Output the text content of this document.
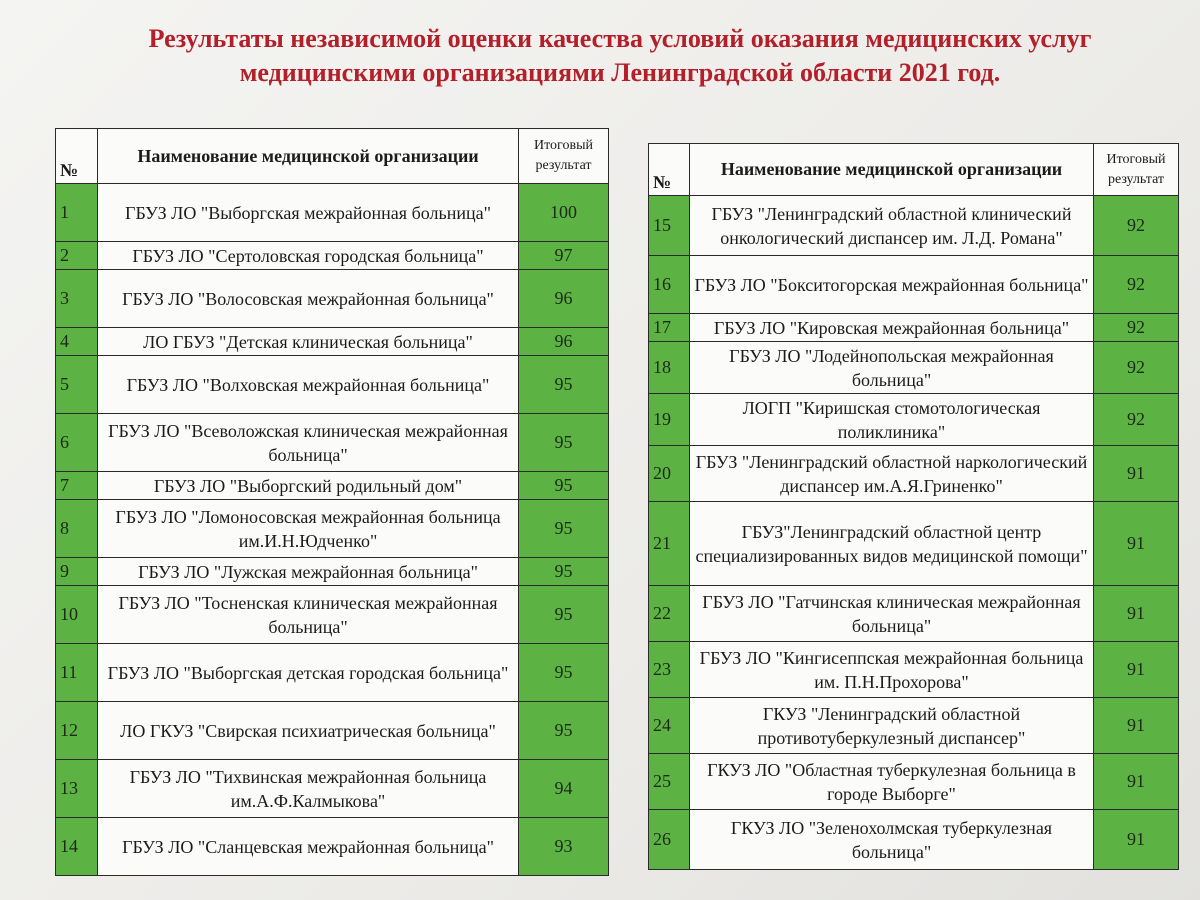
Результаты независимой оценки качества условий оказания медицинских услуг
медицинскими организациями Ленинградской области 2021 год.
№	Наименование медицинской организации	Итоговый
результат

1	ГБУЗ ЛО "Выборгская межрайонная больница"	100
2	ГБУЗ ЛО "Сертоловская городская больница"	97
3	ГБУЗ ЛО "Волосовская межрайонная больница"	96
4	ЛО ГБУЗ "Детская клиническая больница"	96
5	ГБУЗ ЛО "Волховская межрайонная больница"	95
6	ГБУЗ ЛО "Всеволожская клиническая межрайонная больница"	95
7	ГБУЗ ЛО "Выборгский родильный дом"	95
8	ГБУЗ ЛО "Ломоносовская межрайонная больница им.И.Н.Юдченко"	95
9	ГБУЗ ЛО "Лужская межрайонная больница"	95
10	ГБУЗ ЛО "Тосненская клиническая межрайонная больница"	95
11	ГБУЗ ЛО "Выборгская детская городская больница"	95
12	ЛО ГКУЗ "Свирская психиатрическая больница"	95
13	ГБУЗ ЛО "Тихвинская межрайонная больница им.А.Ф.Калмыкова"	94
14	ГБУЗ ЛО "Сланцевская межрайонная больница"	93
№	Наименование медицинской организации	Итоговый
результат

15	ГБУЗ "Ленинградский областной клинический онкологический диспансер им. Л.Д. Романа"	92
16	ГБУЗ ЛО "Бокситогорская межрайонная больница"	92
17	ГБУЗ ЛО "Кировская межрайонная больница"	92
18	ГБУЗ ЛО "Лодейнопольская межрайонная больница"	92
19	ЛОГП "Киришская стомотологическая поликлиника"	92
20	ГБУЗ "Ленинградский областной наркологический диспансер им.А.Я.Гриненко"	91
21	ГБУЗ"Ленинградский областной центр специализированных видов медицинской помощи"	91
22	ГБУЗ ЛО "Гатчинская клиническая межрайонная больница"	91
23	ГБУЗ ЛО "Кингисеппская межрайонная больница им. П.Н.Прохорова"	91
24	ГКУЗ "Ленинградский областной противотуберкулезный диспансер"	91
25	ГКУЗ ЛО "Областная туберкулезная больница в городе Выборге"	91
26	ГКУЗ ЛО "Зеленохолмская туберкулезная больница"	91
